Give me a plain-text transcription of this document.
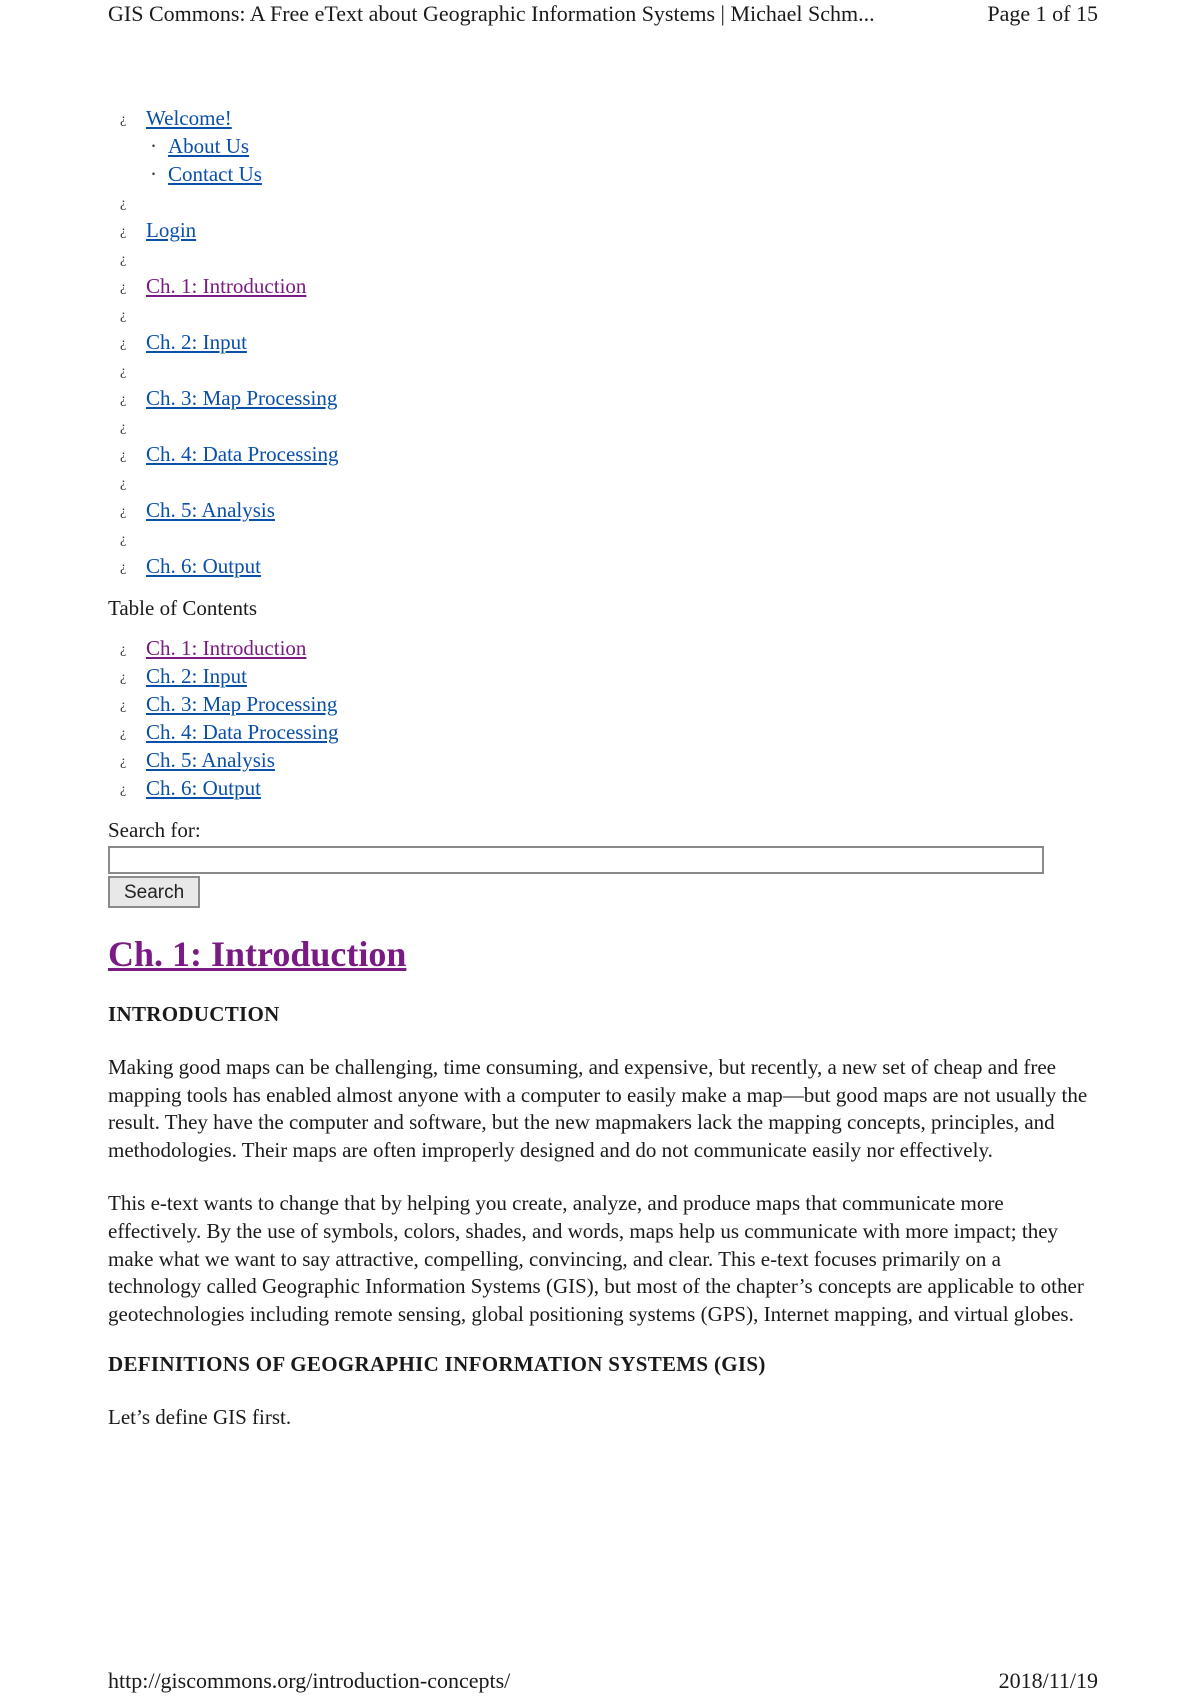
GIS Commons: A Free eText about Geographic Information Systems | Michael Schm...	Page 1 of 15
¿ Welcome!
· About Us
· Contact Us
¿
¿ Login
¿
¿ Ch. 1: Introduction
¿
¿ Ch. 2: Input
¿
¿ Ch. 3: Map Processing
¿
¿ Ch. 4: Data Processing
¿
¿ Ch. 5: Analysis
¿
¿ Ch. 6: Output
Table of Contents
¿ Ch. 1: Introduction
¿ Ch. 2: Input
¿ Ch. 3: Map Processing
¿ Ch. 4: Data Processing
¿ Ch. 5: Analysis
¿ Ch. 6: Output
Search for:
Search
Ch. 1: Introduction
INTRODUCTION

Making good maps can be challenging, time consuming, and expensive, but recently, a new set of cheap and free mapping tools has enabled almost anyone with a computer to easily make a map—but good maps are not usually the result. They have the computer and software, but the new mapmakers lack the mapping concepts, principles, and methodologies. Their maps are often improperly designed and do not communicate easily nor effectively.

This e-text wants to change that by helping you create, analyze, and produce maps that communicate more effectively. By the use of symbols, colors, shades, and words, maps help us communicate with more impact; they make what we want to say attractive, compelling, convincing, and clear. This e-text focuses primarily on a technology called Geographic Information Systems (GIS), but most of the chapter’s concepts are applicable to other geotechnologies including remote sensing, global positioning systems (GPS), Internet mapping, and virtual globes.

DEFINITIONS OF GEOGRAPHIC INFORMATION SYSTEMS (GIS)

Let’s define GIS first.

http://giscommons.org/introduction-concepts/	2018/11/19
